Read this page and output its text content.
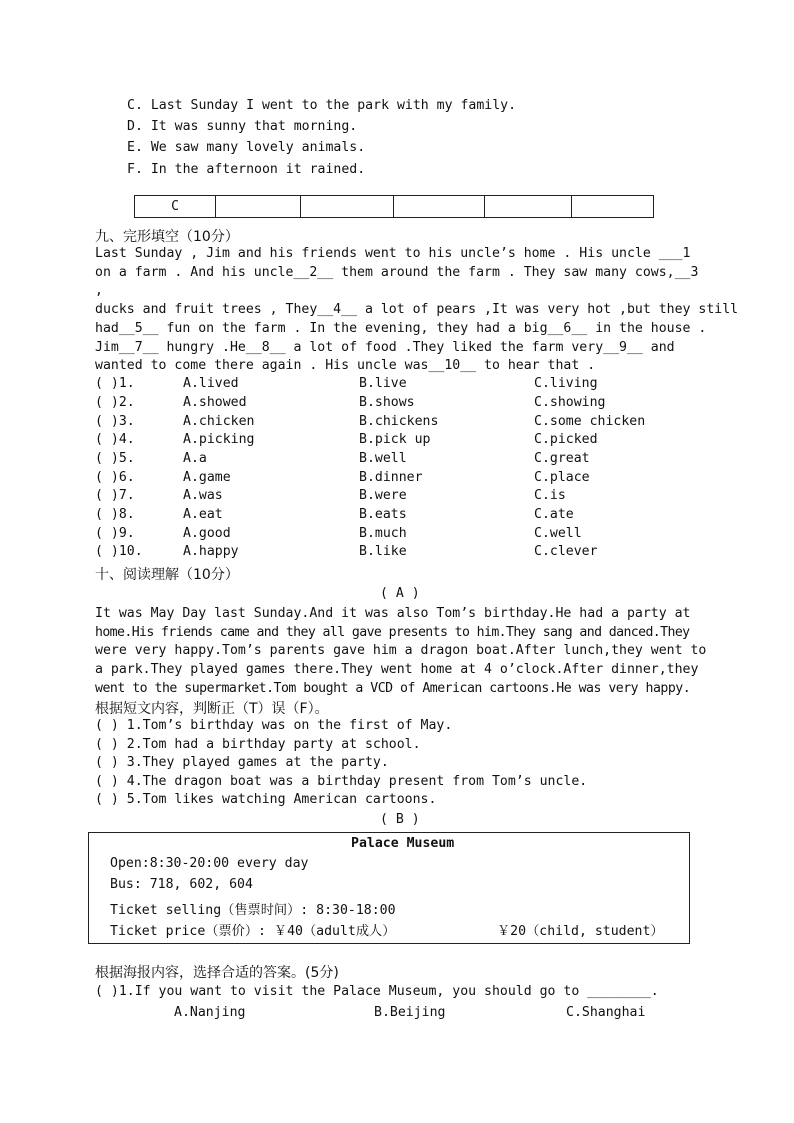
C. Last Sunday I went to the park with my family.
D. It was sunny that morning.
E. We saw many lovely animals.
F. In the afternoon it rained.
C					
九、完形填空（10分）
Last Sunday , Jim and his friends went to his uncle’s home . His uncle ___1
on a farm . And his uncle__2__ them around the farm . They saw many cows,__3
,
ducks and fruit trees , They__4__ a lot of pears ,It was very hot ,but they still
had__5__ fun on the farm . In the evening, they had a big__6__ in the house .
Jim__7__ hungry .He__8__ a lot of food .They liked the farm very__9__ and
wanted to come there again . His uncle was__10__ to hear that .
( )1.	A.lived	B.live	C.living
( )2.	A.showed	B.shows	C.showing
( )3.	A.chicken	B.chickens	C.some chicken
( )4.	A.picking	B.pick up	C.picked
( )5.	A.a	B.well	C.great
( )6.	A.game	B.dinner	C.place
( )7.	A.was	B.were	C.is
( )8.	A.eat	B.eats	C.ate
( )9.	A.good	B.much	C.well
( )10.	A.happy	B.like	C.clever
十、阅读理解（10分）
( A )
It was May Day last Sunday.And it was also Tom’s birthday.He had a party at
home.His friends came and they all gave presents to him.They sang and danced.They
were very happy.Tom’s parents gave him a dragon boat.After lunch,they went to
a park.They played games there.They went home at 4 o’clock.After dinner,they
went to the supermarket.Tom bought a VCD of American cartoons.He was very happy.
根据短文内容，判断正（T）误（F）。
( ) 1.Tom’s birthday was on the first of May.
( ) 2.Tom had a birthday party at school.
( ) 3.They played games at the party.
( ) 4.The dragon boat was a birthday present from Tom’s uncle.
( ) 5.Tom likes watching American cartoons.
( B )
Palace Museum
Open:8:30-20:00 every day
Bus: 718, 602, 604
Ticket selling（售票时间）: 8:30-18:00
Ticket price（票价）: ￥40（adult成人）	￥20（child, student）
根据海报内容，选择合适的答案。(5分)
( )1.If you want to visit the Palace Museum, you should go to ________.
A.Nanjing	B.Beijing	C.Shanghai
